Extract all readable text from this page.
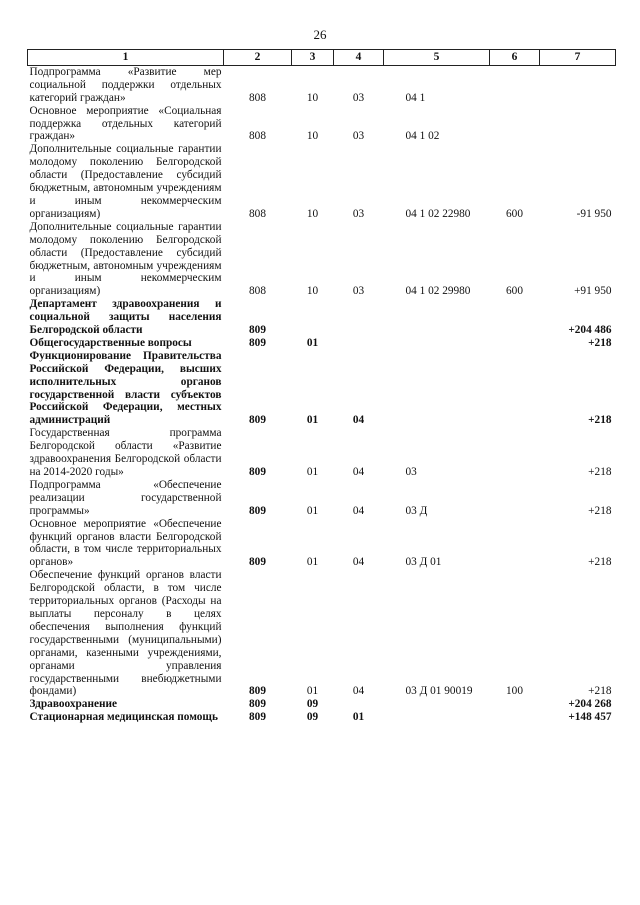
26
1	2	3	4	5	6	7
Подпрограмма «Развитие мер социальной поддержки отдельных категорий граждан»	808	10	03	04 1		
Основное мероприятие «Социальная поддержка отдельных категорий граждан»	808	10	03	04 1 02		
Дополнительные социальные гарантии молодому поколению Белгородской области (Предоставление субсидий бюджетным, автономным учреждениям и иным некоммерческим организациям)	808	10	03	04 1 02 22980	600	-91 950
Дополнительные социальные гарантии молодому поколению Белгородской области (Предоставление субсидий бюджетным, автономным учреждениям и иным некоммерческим организациям)	808	10	03	04 1 02 29980	600	+91 950
Департамент здравоохранения и социальной защиты населения Белгородской области	809					+204 486
Общегосударственные вопросы	809	01				+218
Функционирование Правительства Российской Федерации, высших исполнительных органов государственной власти субъектов Российской Федерации, местных администраций	809	01	04			+218
Государственная программа Белгородской области «Развитие здравоохранения Белгородской области на 2014-2020 годы»	809	01	04	03		+218
Подпрограмма «Обеспечение реализации государственной программы»	809	01	04	03 Д		+218
Основное мероприятие «Обеспечение функций органов власти Белгородской области, в том числе территориальных органов»	809	01	04	03 Д 01		+218
Обеспечение функций органов власти Белгородской области, в том числе территориальных органов (Расходы на выплаты персоналу в целях обеспечения выполнения функций государственными (муниципальными) органами, казенными учреждениями, органами управления государственными внебюджетными фондами)	809	01	04	03 Д 01 90019	100	+218
Здравоохранение	809	09				+204 268
Стационарная медицинская помощь	809	09	01			+148 457
